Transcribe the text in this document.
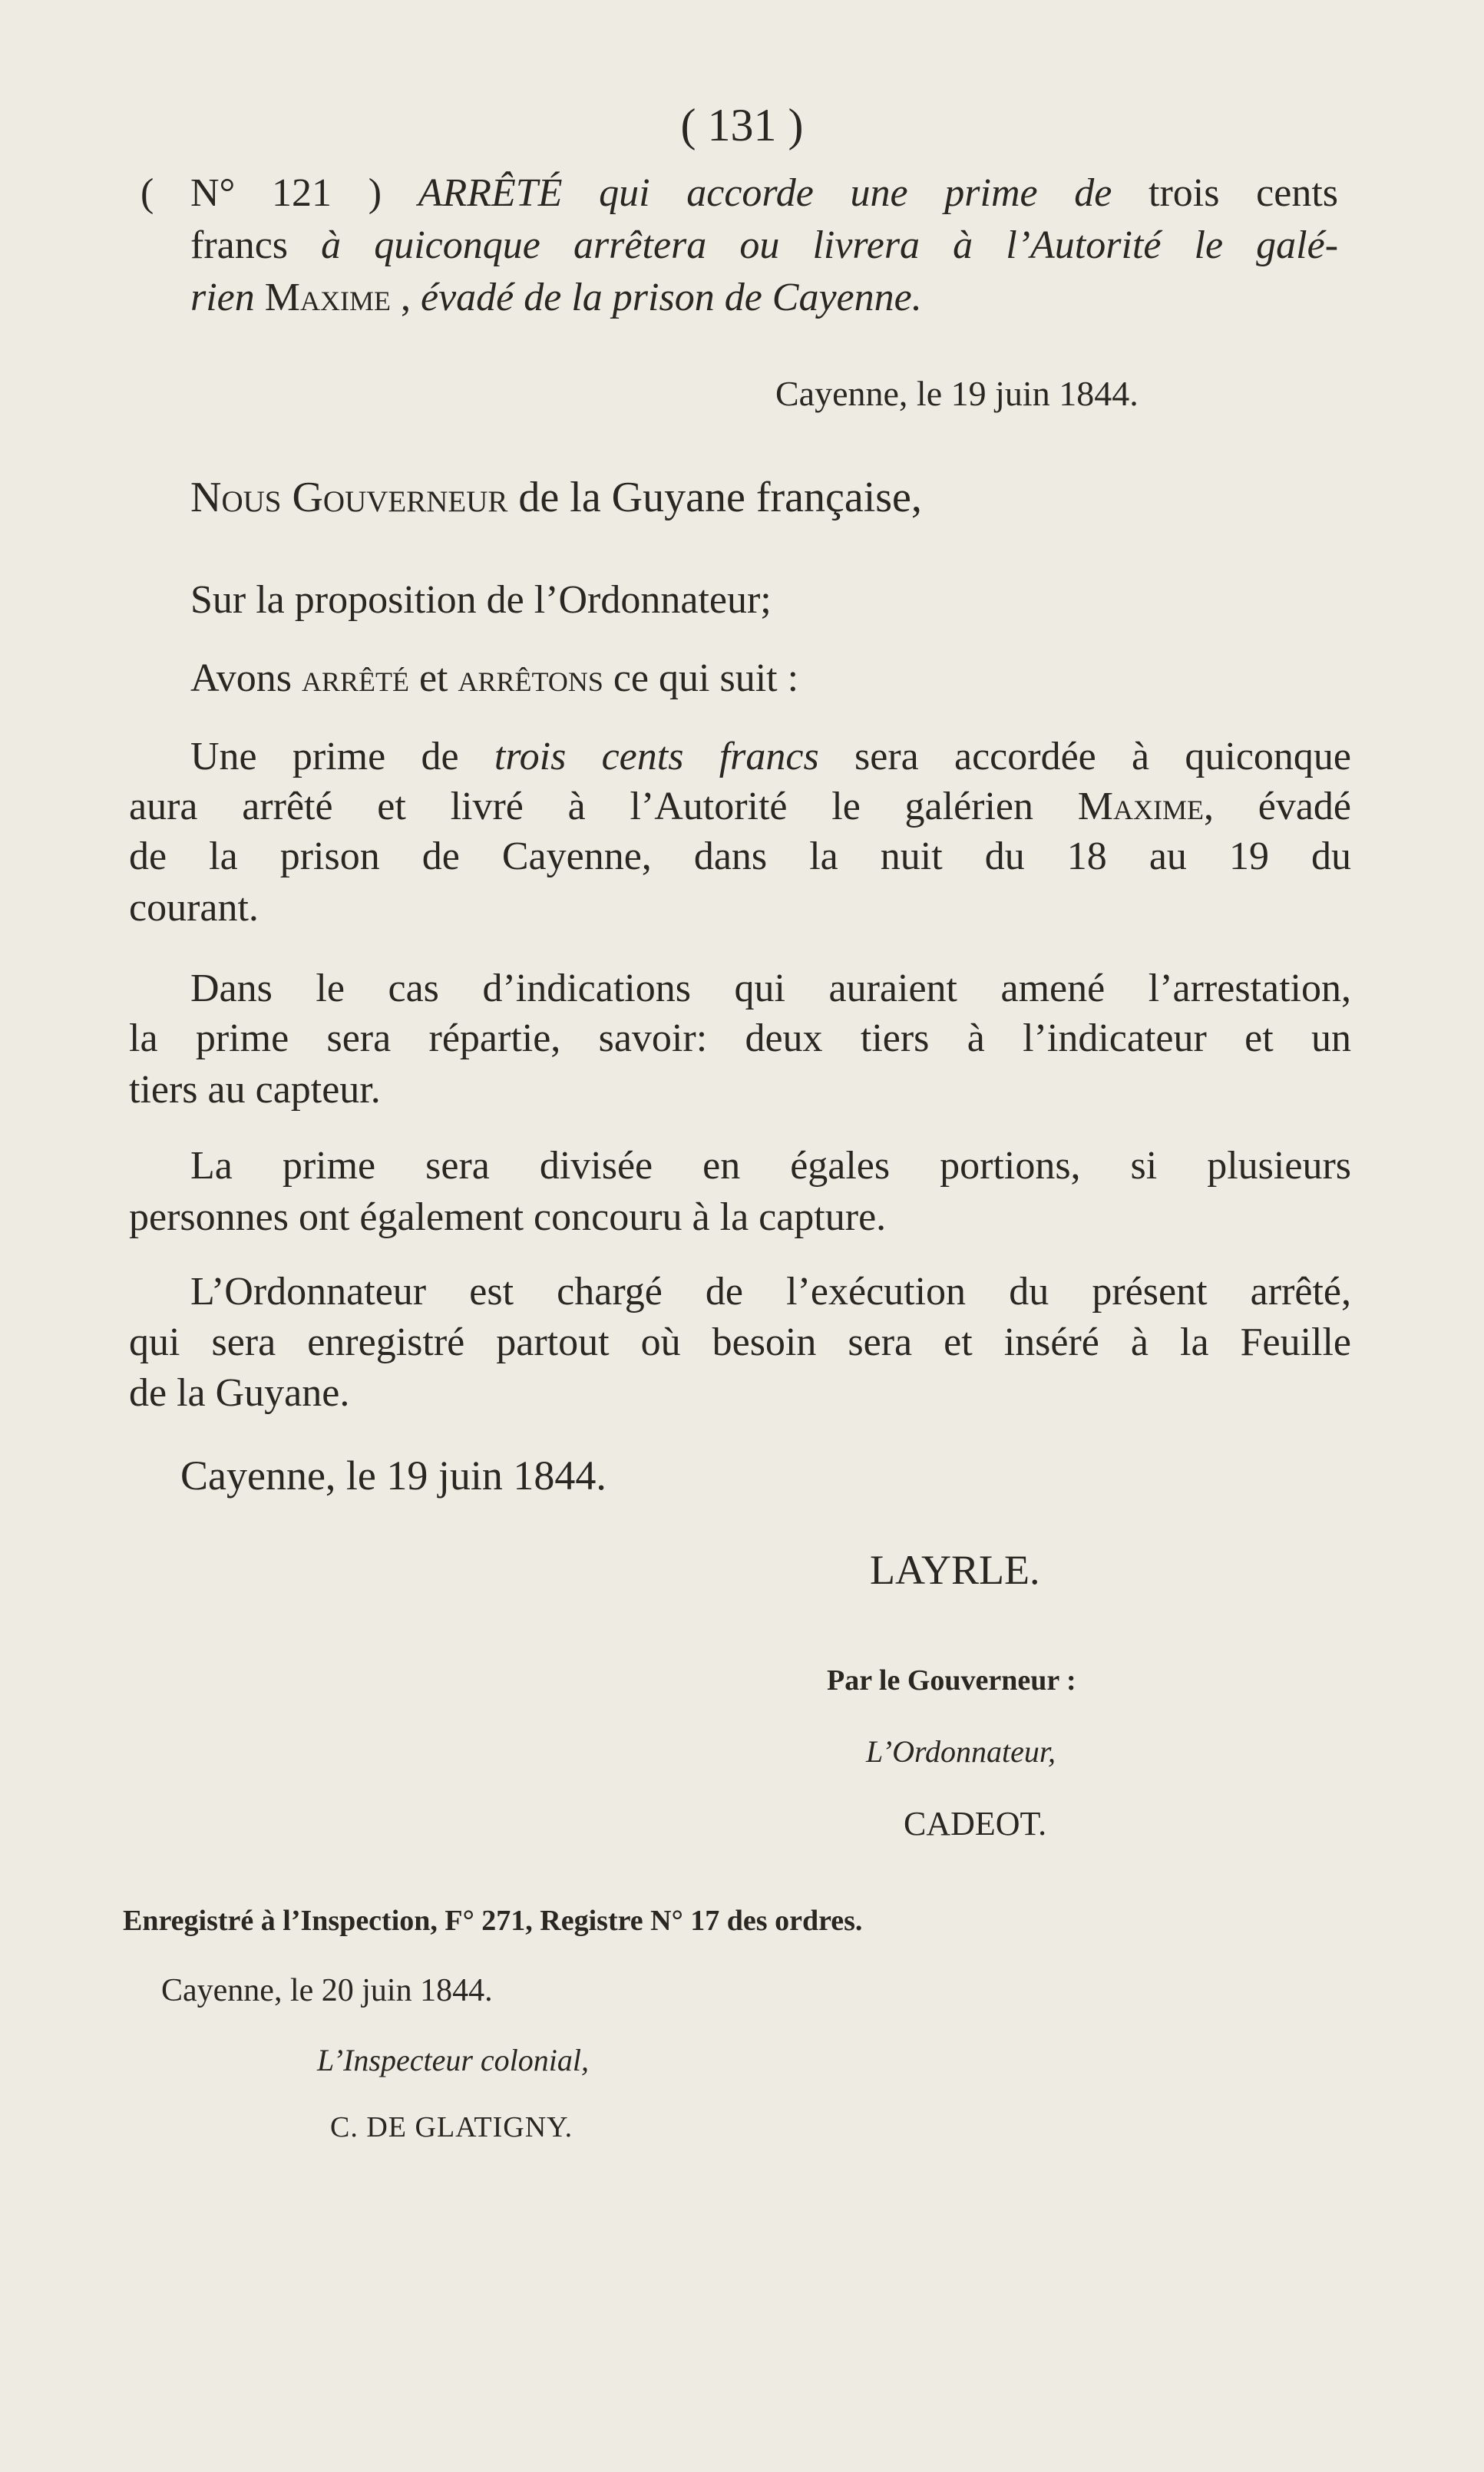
( 131 )

( N° 121 ) ARRÊTÉ qui accorde une prime de trois cents

francs à quiconque arrêtera ou livrera à l’Autorité le galé-

rien Maxime , évadé de la prison de Cayenne.

Cayenne, le 19 juin 1844.

Nous Gouverneur de la Guyane française,

Sur la proposition de l’Ordonnateur;

Avons arrêté et arrêtons ce qui suit :

Une prime de trois cents francs sera accordée à quiconque

aura arrêté et livré à l’Autorité le galérien Maxime, évadé

de la prison de Cayenne, dans la nuit du 18 au 19 du

courant.

Dans le cas d’indications qui auraient amené l’arrestation,

la prime sera répartie, savoir: deux tiers à l’indicateur et un

tiers au capteur.

La prime sera divisée en égales portions, si plusieurs

personnes ont également concouru à la capture.

L’Ordonnateur est chargé de l’exécution du présent arrêté,

qui sera enregistré partout où besoin sera et inséré à la Feuille

de la Guyane.

Cayenne, le 19 juin 1844.

LAYRLE.

Par le Gouverneur :

L’Ordonnateur,

CADEOT.

Enregistré à l’Inspection, F° 271, Registre N° 17 des ordres.

Cayenne, le 20 juin 1844.

L’Inspecteur colonial,

C. DE GLATIGNY.
